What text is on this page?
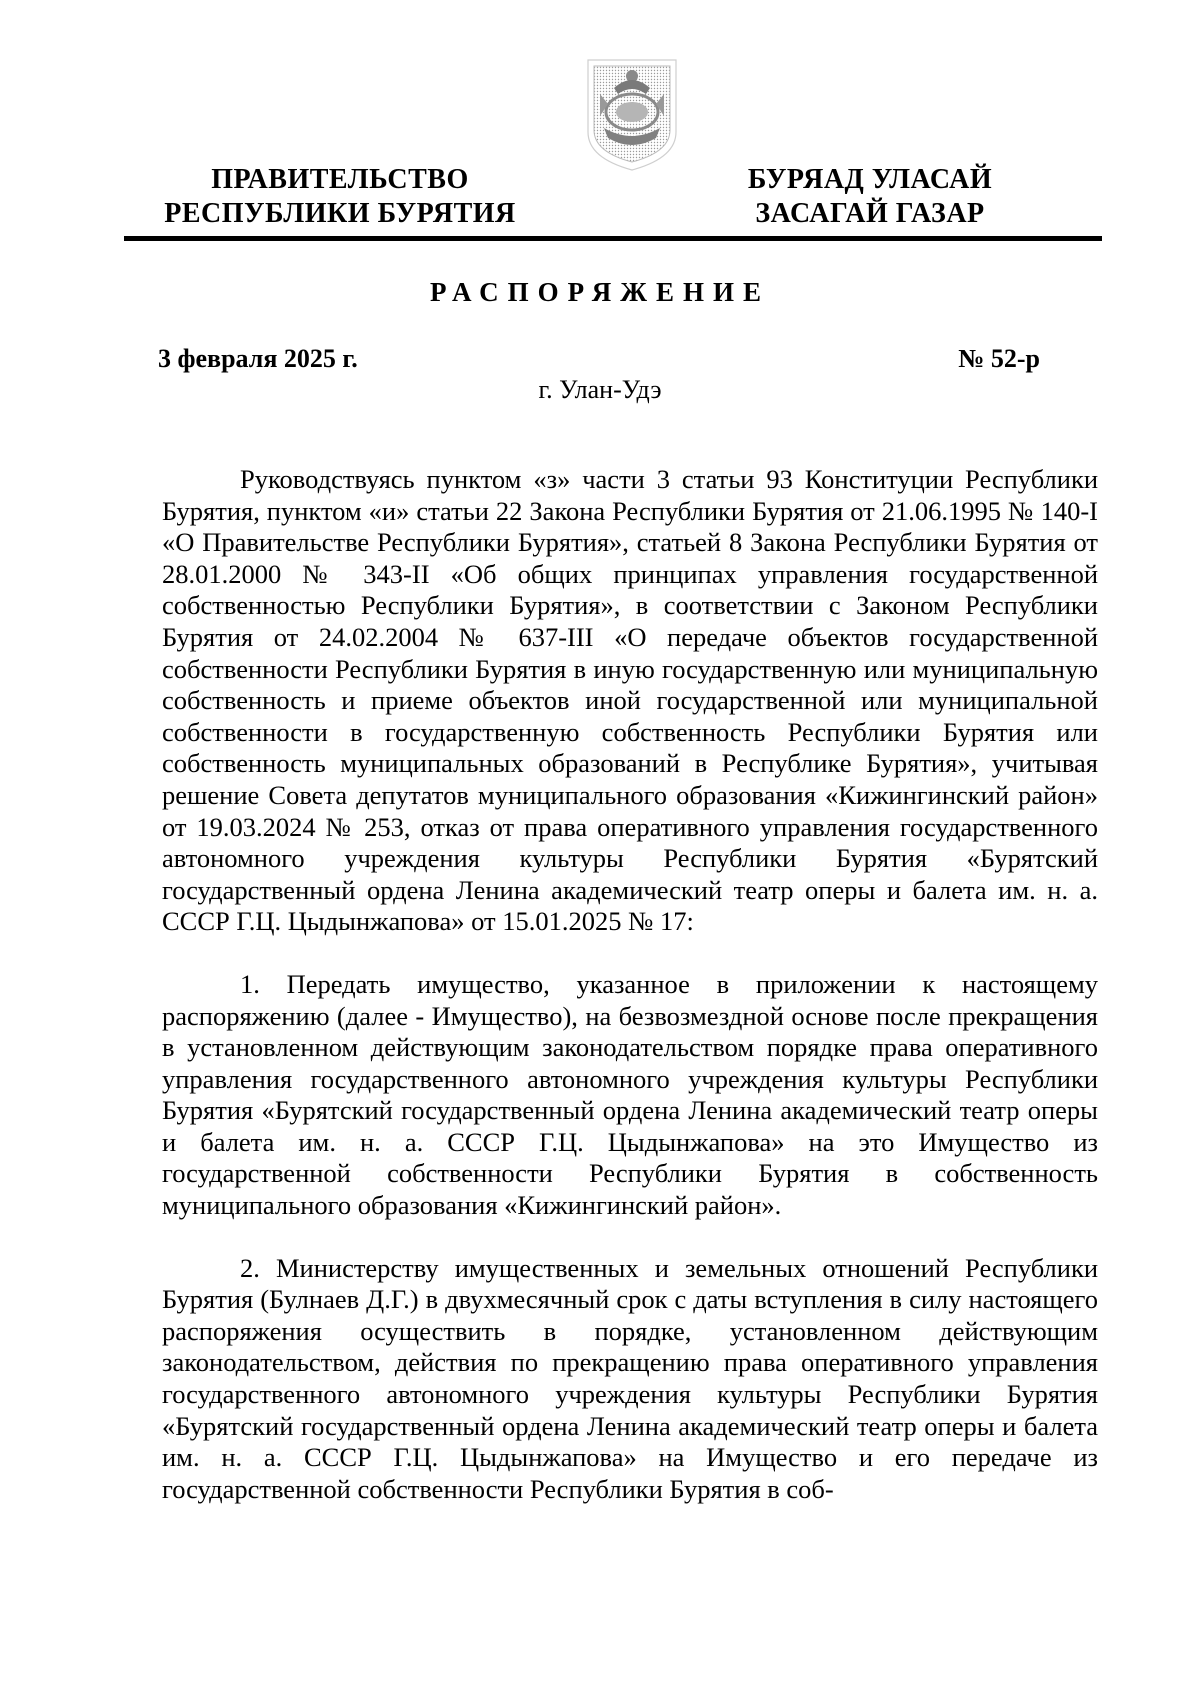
ПРАВИТЕЛЬСТВО
РЕСПУБЛИКИ БУРЯТИЯ
БУРЯАД УЛАСАЙ
ЗАСАГАЙ ГАЗАР
РАСПОРЯЖЕНИЕ
3 февраля 2025 г.	№ 52-р
г. Улан-Удэ

Руководствуясь пунктом «з» части 3 статьи 93 Конституции Республики Бурятия, пунктом «и» статьи 22 Закона Республики Бурятия от 21.06.1995 № 140-I «О Правительстве Республики Бурятия», статьей 8 Закона Республики Бурятия от 28.01.2000 № 343-II «Об общих принципах управления государственной собственностью Республики Бурятия», в соответствии с Законом Республики Бурятия от 24.02.2004 № 637-III «О передаче объектов государственной собственности Республики Бурятия в иную государственную или муниципальную собственность и приеме объектов иной государственной или муниципальной собственности в государственную собственность Республики Бурятия или собственность муниципальных образований в Республике Бурятия», учитывая решение Совета депутатов муниципального образования «Кижингинский район» от 19.03.2024 № 253, отказ от права оперативного управления государственного автономного учреждения культуры Республики Бурятия «Бурятский государственный ордена Ленина академический театр оперы и балета им. н. а. СССР Г.Ц. Цыдынжапова» от 15.01.2025 № 17:

1. Передать имущество, указанное в приложении к настоящему распоряжению (далее - Имущество), на безвозмездной основе после прекращения в установленном действующим законодательством порядке права оперативного управления государственного автономного учреждения культуры Республики Бурятия «Бурятский государственный ордена Ленина академический театр оперы и балета им. н. а. СССР Г.Ц. Цыдынжапова» на это Имущество из государственной собственности Республики Бурятия в собственность муниципального образования «Кижингинский район».

2. Министерству имущественных и земельных отношений Республики Бурятия (Булнаев Д.Г.) в двухмесячный срок с даты вступления в силу настоящего распоряжения осуществить в порядке, установленном действующим законодательством, действия по прекращению права оперативного управления государственного автономного учреждения культуры Республики Бурятия «Бурятский государственный ордена Ленина академический театр оперы и балета им. н. а. СССР Г.Ц. Цыдынжапова» на Имущество и его передаче из государственной собственности Республики Бурятия в соб-
